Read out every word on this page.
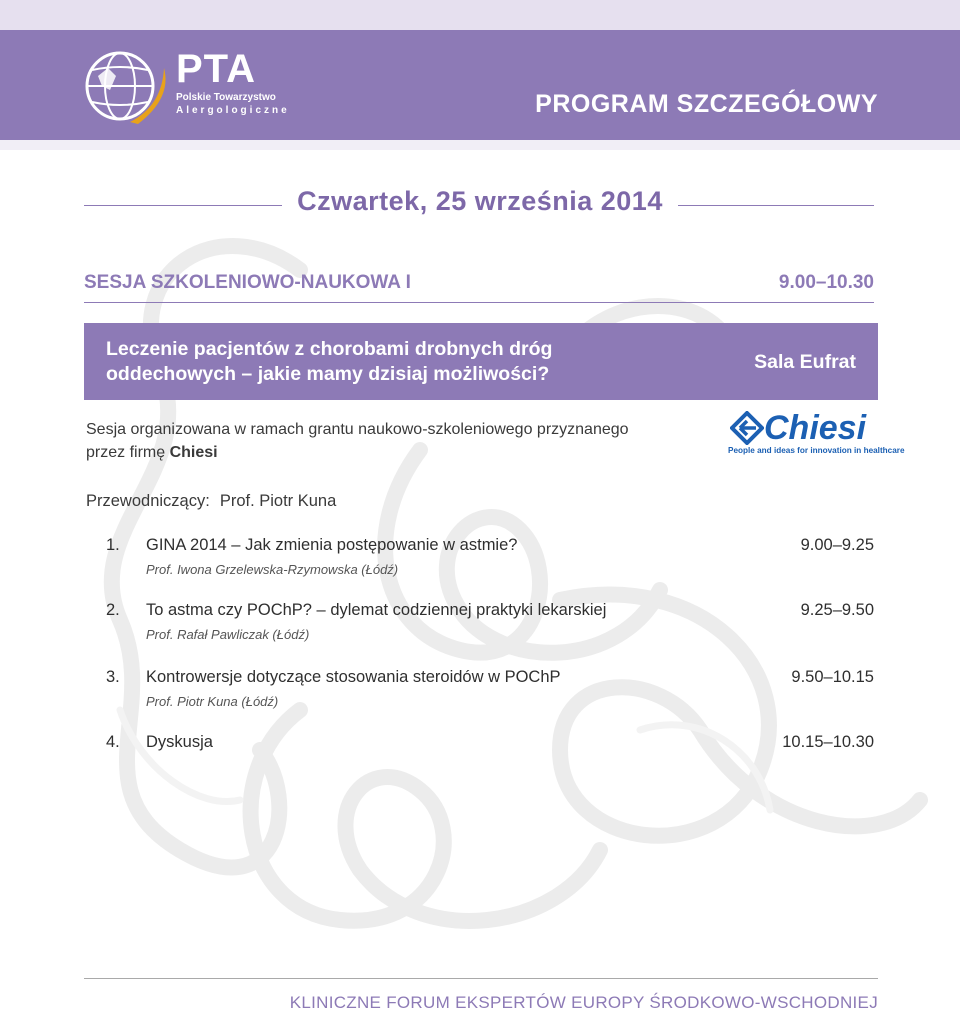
PTA
Polskie Towarzystwo
Alergologiczne	PROGRAM SZCZEGÓŁOWY
Czwartek, 25 września 2014
SESJA SZKOLENIOWO-NAUKOWA I	9.00–10.30
Leczenie pacjentów z chorobami drobnych dróg oddechowych – jakie mamy dzisiaj możliwości?
Sala Eufrat
Sesja organizowana w ramach grantu naukowo-szkoleniowego przyznanego przez firmę Chiesi
Chiesi
People and ideas for innovation in healthcare
Przewodniczący: Prof. Piotr Kuna
1. GINA 2014 – Jak zmienia postępowanie w astmie?	9.00–9.25
Prof. Iwona Grzelewska-Rzymowska (Łódź)
2. To astma czy POChP? – dylemat codziennej praktyki lekarskiej	9.25–9.50
Prof. Rafał Pawliczak (Łódź)
3. Kontrowersje dotyczące stosowania steroidów w POChP	9.50–10.15
Prof. Piotr Kuna (Łódź)
4. Dyskusja	10.15–10.30
KLINICZNE FORUM EKSPERTÓW EUROPY ŚRODKOWO-WSCHODNIEJ
